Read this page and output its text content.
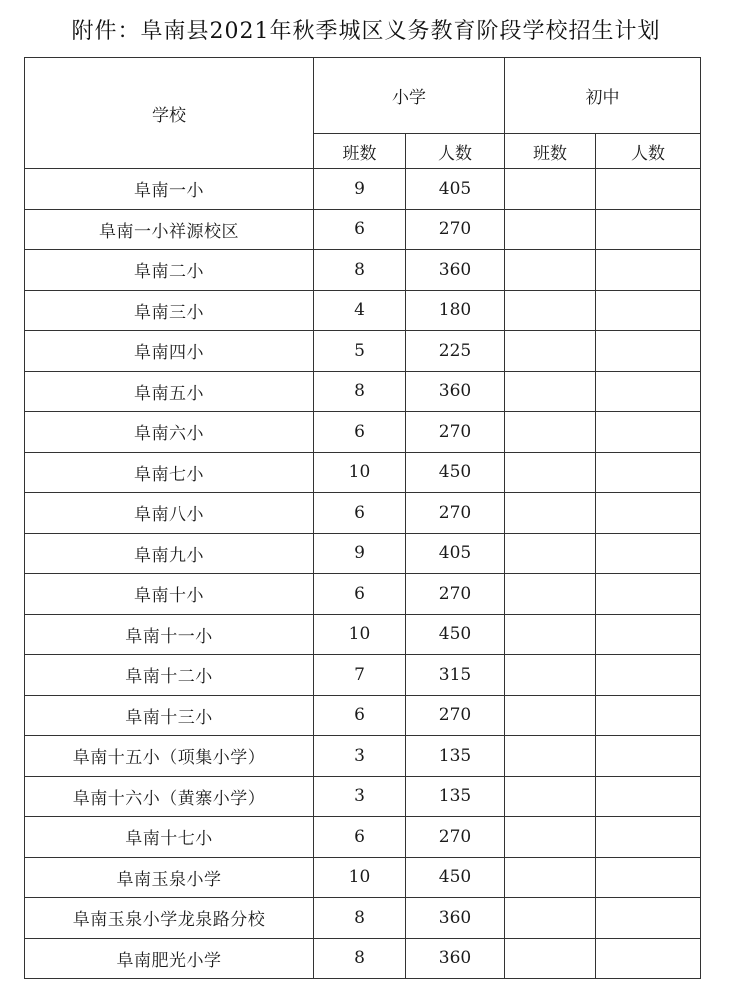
附件：阜南县2021年秋季城区义务教育阶段学校招生计划
学校	小学		初中	
	班数	人数	班数	人数
阜南一小	9	405		
阜南一小祥源校区	6	270		
阜南二小	8	360		
阜南三小	4	180		
阜南四小	5	225		
阜南五小	8	360		
阜南六小	6	270		
阜南七小	10	450		
阜南八小	6	270		
阜南九小	9	405		
阜南十小	6	270		
阜南十一小	10	450		
阜南十二小	7	315		
阜南十三小	6	270		
阜南十五小（项集小学）	3	135		
阜南十六小（黄寨小学）	3	135		
阜南十七小	6	270		
阜南玉泉小学	10	450		
阜南玉泉小学龙泉路分校	8	360		
阜南肥光小学	8	360		
